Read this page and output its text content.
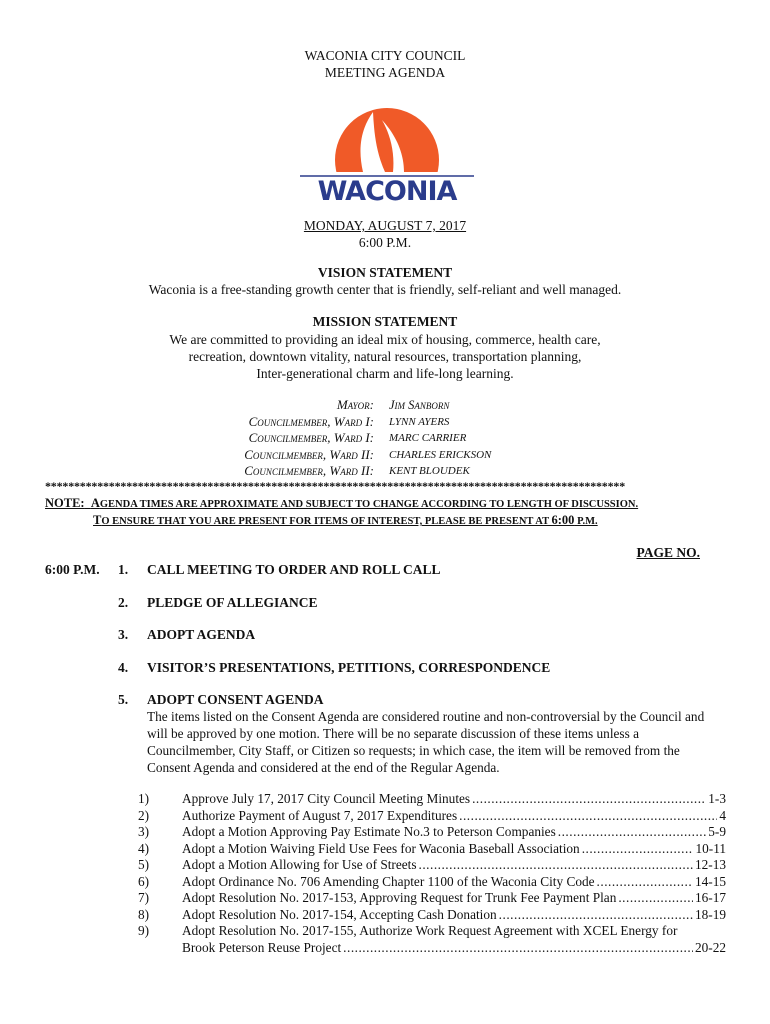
WACONIA CITY COUNCIL
MEETING AGENDA
WACONIA
MONDAY, AUGUST 7, 2017
6:00 P.M.
VISION STATEMENT
Waconia is a free-standing growth center that is friendly, self-reliant and well managed.
MISSION STATEMENT
We are committed to providing an ideal mix of housing, commerce, health care,
recreation, downtown vitality, natural resources, transportation planning,
Inter-generational charm and life-long learning.
Mayor: Jim Sanborn
Councilmember, Ward I: LYNN AYERS
Councilmember, Ward I: MARC CARRIER
Councilmember, Ward II: CHARLES ERICKSON
Councilmember, Ward II: KENT BLOUDEK
****************************************************************************************************
NOTE: AGENDA TIMES ARE APPROXIMATE AND SUBJECT TO CHANGE ACCORDING TO LENGTH OF DISCUSSION.
TO ENSURE THAT YOU ARE PRESENT FOR ITEMS OF INTEREST, PLEASE BE PRESENT AT 6:00 P.M.
PAGE NO.
6:00 P.M. 1. CALL MEETING TO ORDER AND ROLL CALL
2. PLEDGE OF ALLEGIANCE
3. ADOPT AGENDA
4. VISITOR’S PRESENTATIONS, PETITIONS, CORRESPONDENCE
5. ADOPT CONSENT AGENDA
The items listed on the Consent Agenda are considered routine and non-controversial by the Council and will be approved by one motion. There will be no separate discussion of these items unless a Councilmember, City Staff, or Citizen so requests; in which case, the item will be removed from the Consent Agenda and considered at the end of the Regular Agenda.
1) Approve July 17, 2017 City Council Meeting Minutes .....	1-3
2) Authorize Payment of August 7, 2017 Expenditures .....	4
3) Adopt a Motion Approving Pay Estimate No.3 to Peterson Companies .....	5-9
4) Adopt a Motion Waiving Field Use Fees for Waconia Baseball Association .....	10-11
5) Adopt a Motion Allowing for Use of Streets .....	12-13
6) Adopt Ordinance No. 706 Amending Chapter 1100 of the Waconia City Code .....	14-15
7) Adopt Resolution No. 2017-153, Approving Request for Trunk Fee Payment Plan .....	16-17
8) Adopt Resolution No. 2017-154, Accepting Cash Donation .....	18-19
9) Adopt Resolution No. 2017-155, Authorize Work Request Agreement with XCEL Energy for
Brook Peterson Reuse Project .....	20-22
